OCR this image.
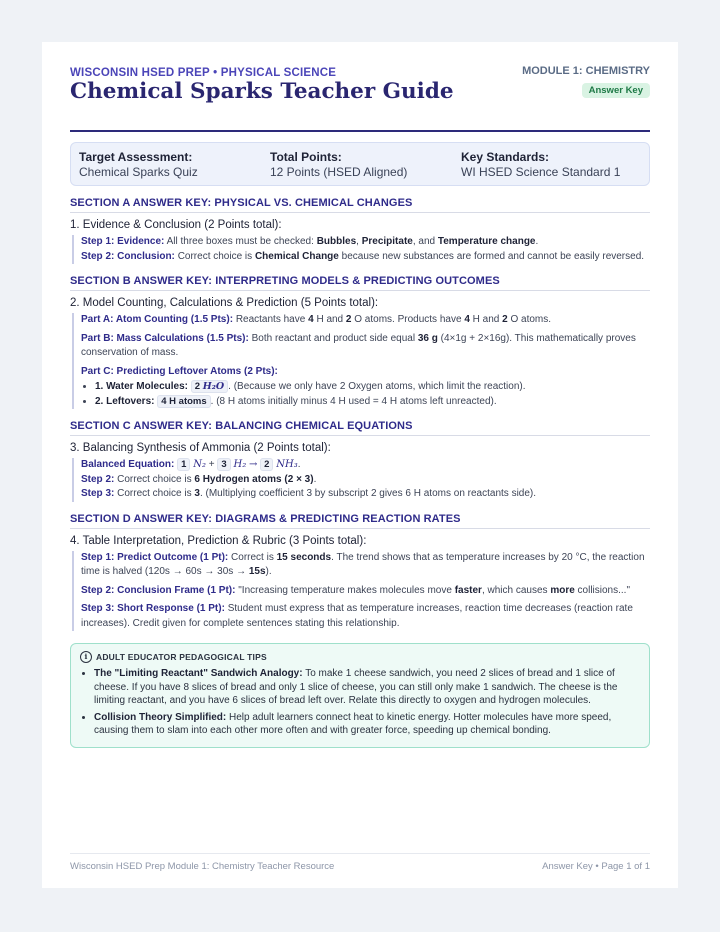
WISCONSIN HSED PREP • PHYSICAL SCIENCE
Chemical Sparks Teacher Guide
MODULE 1: CHEMISTRY
Answer Key
Target Assessment:
Chemical Sparks Quiz
Total Points:
12 Points (HSED Aligned)
Key Standards:
WI HSED Science Standard 1
SECTION A ANSWER KEY: PHYSICAL VS. CHEMICAL CHANGES
1. Evidence & Conclusion (2 Points total):
Step 1: Evidence: All three boxes must be checked: Bubbles, Precipitate, and Temperature change.
Step 2: Conclusion: Correct choice is Chemical Change because new substances are formed and cannot be easily reversed.
SECTION B ANSWER KEY: INTERPRETING MODELS & PREDICTING OUTCOMES
2. Model Counting, Calculations & Prediction (5 Points total):
Part A: Atom Counting (1.5 Pts): Reactants have 4 H and 2 O atoms. Products have 4 H and 2 O atoms.
Part B: Mass Calculations (1.5 Pts): Both reactant and product side equal 36 g (4×1g + 2×16g). This mathematically proves conservation of mass.
Part C: Predicting Leftover Atoms (2 Pts):
• 1. Water Molecules: 2 H₂O . (Because we only have 2 Oxygen atoms, which limit the reaction).
• 2. Leftovers: 4 H atoms . (8 H atoms initially minus 4 H used = 4 H atoms left unreacted).
SECTION C ANSWER KEY: BALANCING CHEMICAL EQUATIONS
3. Balancing Synthesis of Ammonia (2 Points total):
Balanced Equation: 1 N₂ + 3 H₂ → 2 NH₃.
Step 2: Correct choice is 6 Hydrogen atoms (2 × 3).
Step 3: Correct choice is 3. (Multiplying coefficient 3 by subscript 2 gives 6 H atoms on reactants side).
SECTION D ANSWER KEY: DIAGRAMS & PREDICTING REACTION RATES
4. Table Interpretation, Prediction & Rubric (3 Points total):
Step 1: Predict Outcome (1 Pt): Correct is 15 seconds. The trend shows that as temperature increases by 20 °C, the reaction time is halved (120s → 60s → 30s → 15s).
Step 2: Conclusion Frame (1 Pt): "Increasing temperature makes molecules move faster, which causes more collisions..."
Step 3: Short Response (1 Pt): Student must express that as temperature increases, reaction time decreases (reaction rate increases). Credit given for complete sentences stating this relationship.
i ADULT EDUCATOR PEDAGOGICAL TIPS
• The "Limiting Reactant" Sandwich Analogy: To make 1 cheese sandwich, you need 2 slices of bread and 1 slice of cheese. If you have 8 slices of bread and only 1 slice of cheese, you can still only make 1 sandwich. The cheese is the limiting reactant, and you have 6 slices of bread left over. Relate this directly to oxygen and hydrogen molecules.
• Collision Theory Simplified: Help adult learners connect heat to kinetic energy. Hotter molecules have more speed, causing them to slam into each other more often and with greater force, speeding up chemical bonding.
Wisconsin HSED Prep Module 1: Chemistry Teacher Resource	Answer Key • Page 1 of 1
